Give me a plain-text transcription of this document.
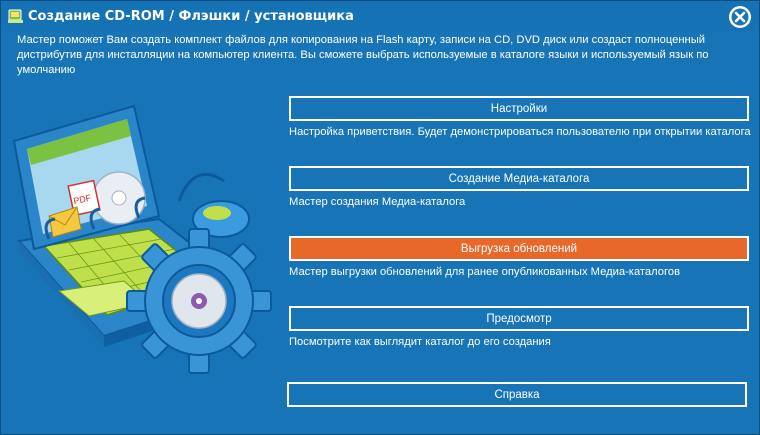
Создание CD-ROM / Флэшки / установщика
Мастер поможет Вам создать комплект файлов для копирования на Flash карту, записи на CD, DVD диск или создаст полноценный дистрибутив для инсталляции на компьютер клиента. Вы сможете выбрать используемые в каталоге языки и используемый язык по умолчанию
PDF
Настройки
Настройка приветствия. Будет демонстрироваться пользователю при открытии каталога
Создание Медиа-каталога
Мастер создания Медиа-каталога
Выгрузка обновлений
Мастер выгрузки обновлений для ранее опубликованных Медиа-каталогов
Предосмотр
Посмотрите как выглядит каталог до его создания
Справка
